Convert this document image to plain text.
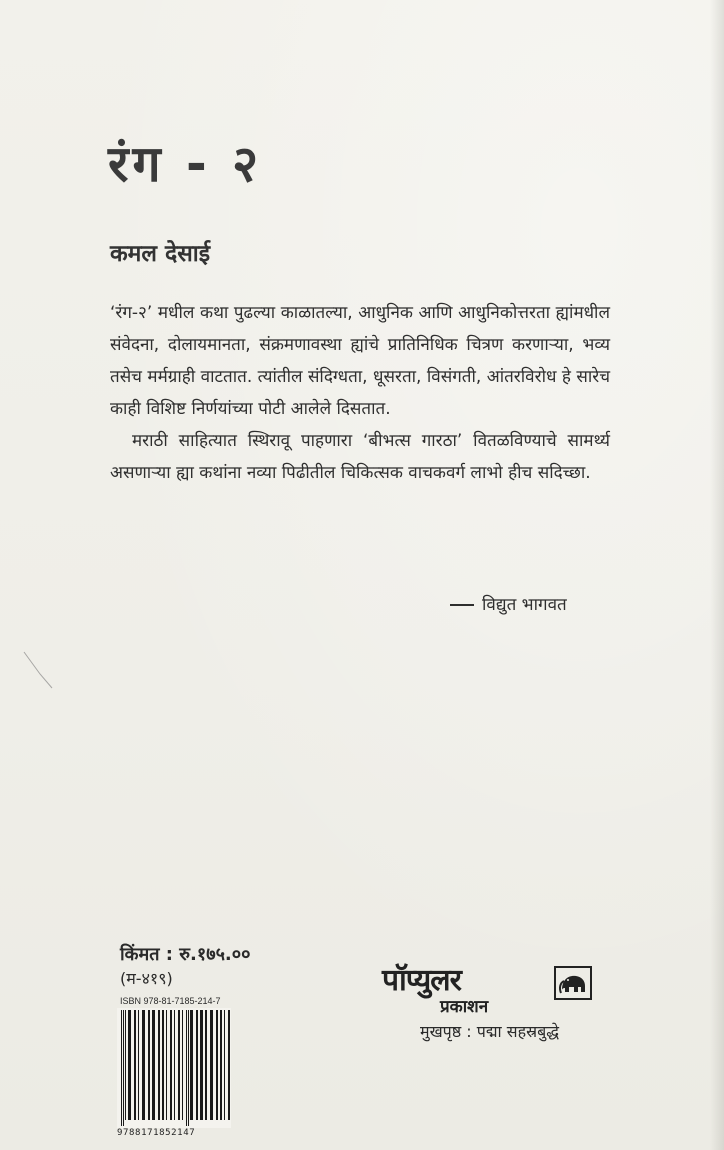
रंग - २
कमल देसाई

‘रंग-२’ मधील कथा पुढल्या काळातल्या, आधुनिक आणि आधुनिकोत्तरता ह्यांमधील संवेदना, दोलायमानता, संक्रमणावस्था ह्यांचे प्रातिनिधिक चित्रण करणाऱ्या, भव्य तसेच मर्मग्राही वाटतात. त्यांतील संदिग्धता, धूसरता, विसंगती, आंतरविरोध हे सारेच काही विशिष्ट निर्णयांच्या पोटी आलेले दिसतात.

मराठी साहित्यात स्थिरावू पाहणारा ‘बीभत्स गारठा’ वितळविण्याचे सामर्थ्य असणाऱ्या ह्या कथांना नव्या पिढीतील चिकित्सक वाचकवर्ग लाभो हीच सदिच्छा.

विद्युत भागवत
किंमत : रु.१७५.००
(म-४१९)
ISBN 978-81-7185-214-7
9788171852147
पॉप्युलर
प्रकाशन
मुखपृष्ठ : पद्मा सहस्रबुद्धे
